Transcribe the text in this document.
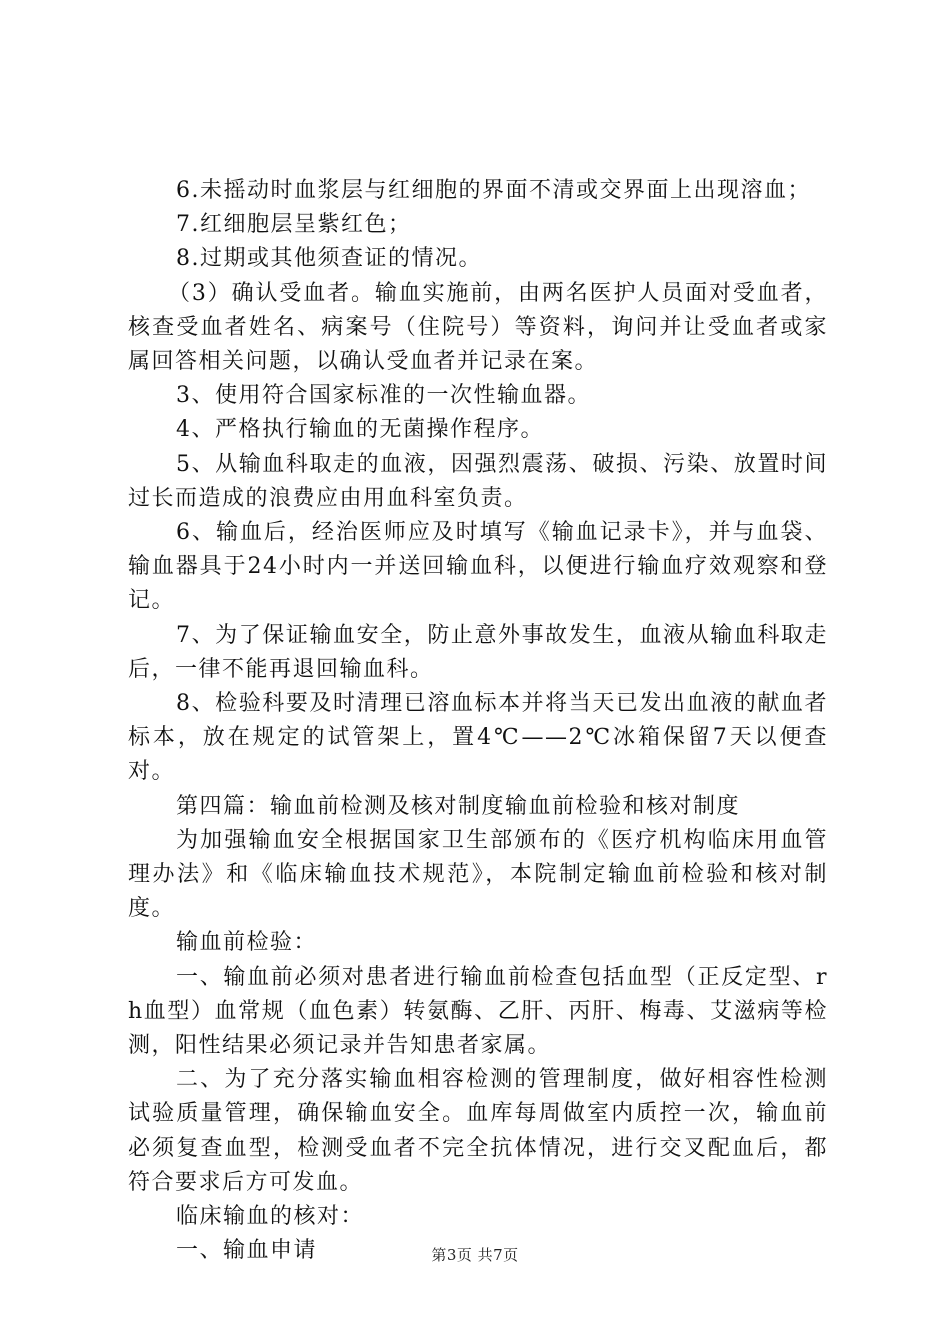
6.未摇动时血浆层与红细胞的界面不清或交界面上出现溶血；

7.红细胞层呈紫红色；

8.过期或其他须查证的情况。

（3）确认受血者。输血实施前，由两名医护人员面对受血者，核查受血者姓名、病案号（住院号）等资料，询问并让受血者或家属回答相关问题，以确认受血者并记录在案。

3、使用符合国家标准的一次性输血器。

4、严格执行输血的无菌操作程序。

5、从输血科取走的血液，因强烈震荡、破损、污染、放置时间过长而造成的浪费应由用血科室负责。

6、输血后，经治医师应及时填写《输血记录卡》，并与血袋、输血器具于24小时内一并送回输血科，以便进行输血疗效观察和登记。

7、为了保证输血安全，防止意外事故发生，血液从输血科取走后，一律不能再退回输血科。

8、检验科要及时清理已溶血标本并将当天已发出血液的献血者标本，放在规定的试管架上，置4℃——2℃冰箱保留7天以便查对。

第四篇：输血前检测及核对制度输血前检验和核对制度

为加强输血安全根据国家卫生部颁布的《医疗机构临床用血管理办法》和《临床输血技术规范》，本院制定输血前检验和核对制度。

输血前检验：

一、输血前必须对患者进行输血前检查包括血型（正反定型、rh血型）血常规（血色素）转氨酶、乙肝、丙肝、梅毒、艾滋病等检测，阳性结果必须记录并告知患者家属。

二、为了充分落实输血相容检测的管理制度，做好相容性检测试验质量管理，确保输血安全。血库每周做室内质控一次，输血前必须复查血型，检测受血者不完全抗体情况，进行交叉配血后，都符合要求后方可发血。

临床输血的核对：

一、输血申请	第3页 共7页
